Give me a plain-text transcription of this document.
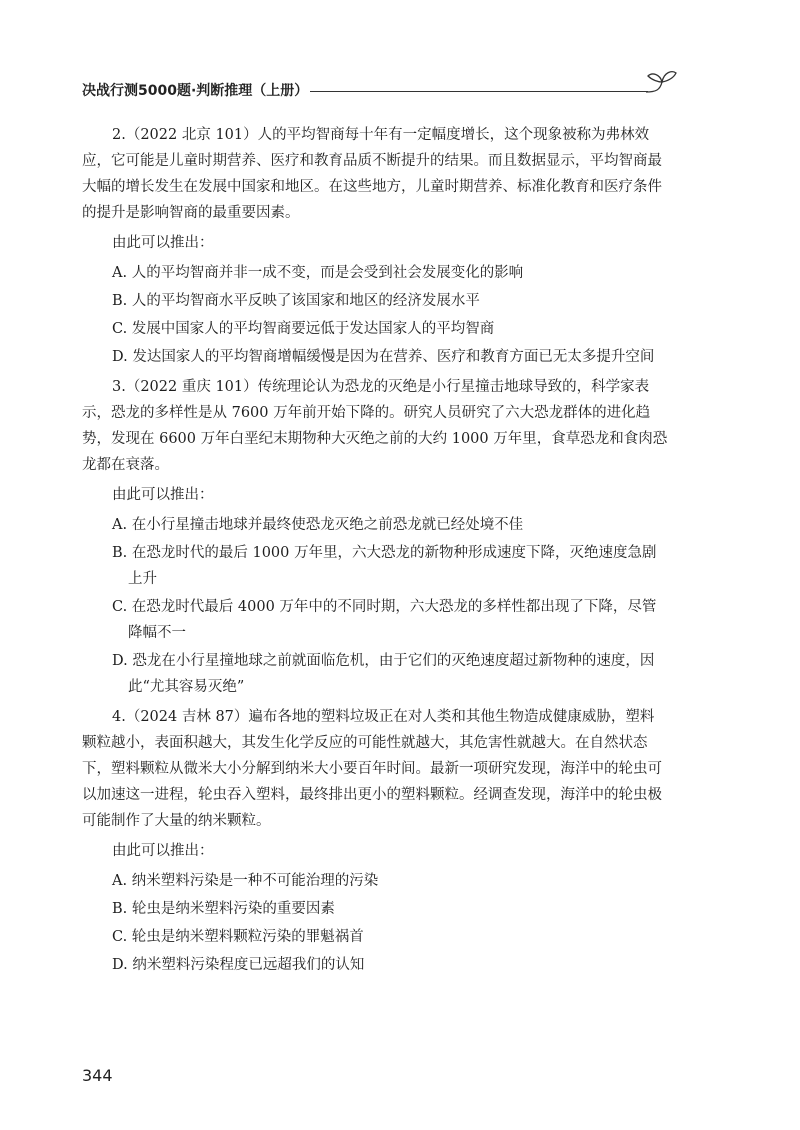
决战行测5000题·判断推理（上册）

2.（2022 北京 101）人的平均智商每十年有一定幅度增长，这个现象被称为弗林效应，它可能是儿童时期营养、医疗和教育品质不断提升的结果。而且数据显示，平均智商最大幅的增长发生在发展中国家和地区。在这些地方，儿童时期营养、标准化教育和医疗条件的提升是影响智商的最重要因素。

由此可以推出：

A. 人的平均智商并非一成不变，而是会受到社会发展变化的影响

B. 人的平均智商水平反映了该国家和地区的经济发展水平

C. 发展中国家人的平均智商要远低于发达国家人的平均智商

D. 发达国家人的平均智商增幅缓慢是因为在营养、医疗和教育方面已无太多提升空间

3.（2022 重庆 101）传统理论认为恐龙的灭绝是小行星撞击地球导致的，科学家表示，恐龙的多样性是从 7600 万年前开始下降的。研究人员研究了六大恐龙群体的进化趋势，发现在 6600 万年白垩纪末期物种大灭绝之前的大约 1000 万年里，食草恐龙和食肉恐龙都在衰落。

由此可以推出：

A. 在小行星撞击地球并最终使恐龙灭绝之前恐龙就已经处境不佳

B. 在恐龙时代的最后 1000 万年里，六大恐龙的新物种形成速度下降，灭绝速度急剧上升

C. 在恐龙时代最后 4000 万年中的不同时期，六大恐龙的多样性都出现了下降，尽管降幅不一

D. 恐龙在小行星撞地球之前就面临危机，由于它们的灭绝速度超过新物种的速度，因此“尤其容易灭绝”

4.（2024 吉林 87）遍布各地的塑料垃圾正在对人类和其他生物造成健康威胁，塑料颗粒越小，表面积越大，其发生化学反应的可能性就越大，其危害性就越大。在自然状态下，塑料颗粒从微米大小分解到纳米大小要百年时间。最新一项研究发现，海洋中的轮虫可以加速这一进程，轮虫吞入塑料，最终排出更小的塑料颗粒。经调查发现，海洋中的轮虫极可能制作了大量的纳米颗粒。

由此可以推出：

A. 纳米塑料污染是一种不可能治理的污染

B. 轮虫是纳米塑料污染的重要因素

C. 轮虫是纳米塑料颗粒污染的罪魁祸首

D. 纳米塑料污染程度已远超我们的认知

344
